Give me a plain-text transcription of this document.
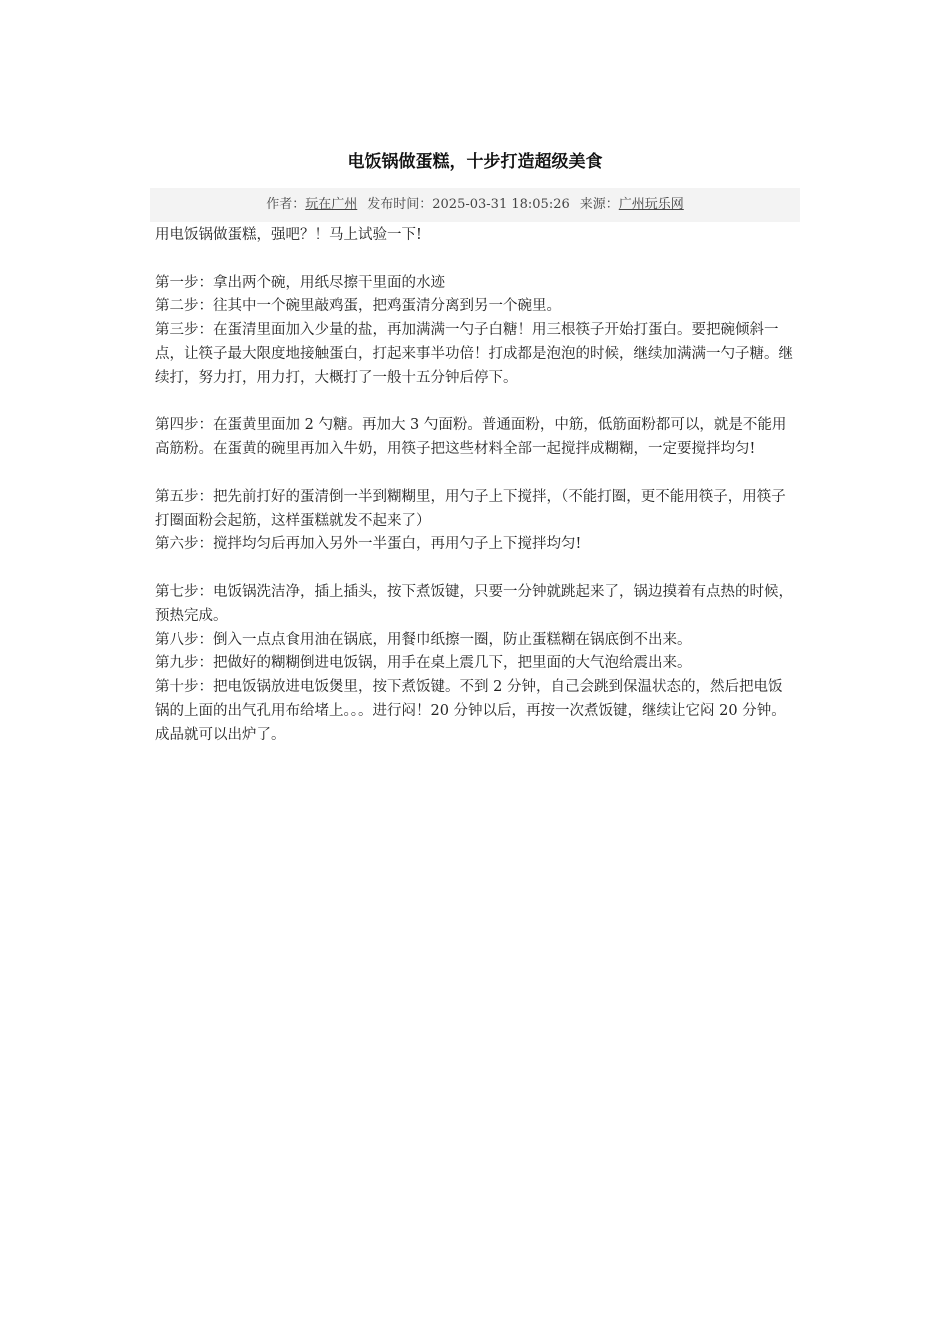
电饭锅做蛋糕，十步打造超级美食
作者：玩在广州 发布时间：2025-03-31 18:05:26 来源：广州玩乐网

用电饭锅做蛋糕，强吧？！马上试验一下!

第一步：拿出两个碗，用纸尽擦干里面的水迹

第二步：往其中一个碗里敲鸡蛋，把鸡蛋清分离到另一个碗里。

第三步：在蛋清里面加入少量的盐，再加满满一勺子白糖！用三根筷子开始打蛋白。要把碗倾斜一点，让筷子最大限度地接触蛋白，打起来事半功倍！打成都是泡泡的时候，继续加满满一勺子糖。继续打，努力打，用力打，大概打了一般十五分钟后停下。

第四步：在蛋黄里面加 2 勺糖。再加大 3 勺面粉。普通面粉，中筋，低筋面粉都可以，就是不能用高筋粉。在蛋黄的碗里再加入牛奶，用筷子把这些材料全部一起搅拌成糊糊，一定要搅拌均匀!

第五步：把先前打好的蛋清倒一半到糊糊里，用勺子上下搅拌，（不能打圈，更不能用筷子，用筷子打圈面粉会起筋，这样蛋糕就发不起来了）

第六步：搅拌均匀后再加入另外一半蛋白，再用勺子上下搅拌均匀!

第七步：电饭锅洗洁净，插上插头，按下煮饭键，只要一分钟就跳起来了，锅边摸着有点热的时候，预热完成。

第八步：倒入一点点食用油在锅底，用餐巾纸擦一圈，防止蛋糕糊在锅底倒不出来。

第九步：把做好的糊糊倒进电饭锅，用手在桌上震几下，把里面的大气泡给震出来。

第十步：把电饭锅放进电饭煲里，按下煮饭键。不到 2 分钟，自己会跳到保温状态的，然后把电饭锅的上面的出气孔用布给堵上。。。进行闷！20 分钟以后，再按一次煮饭键，继续让它闷 20 分钟。成品就可以出炉了。
